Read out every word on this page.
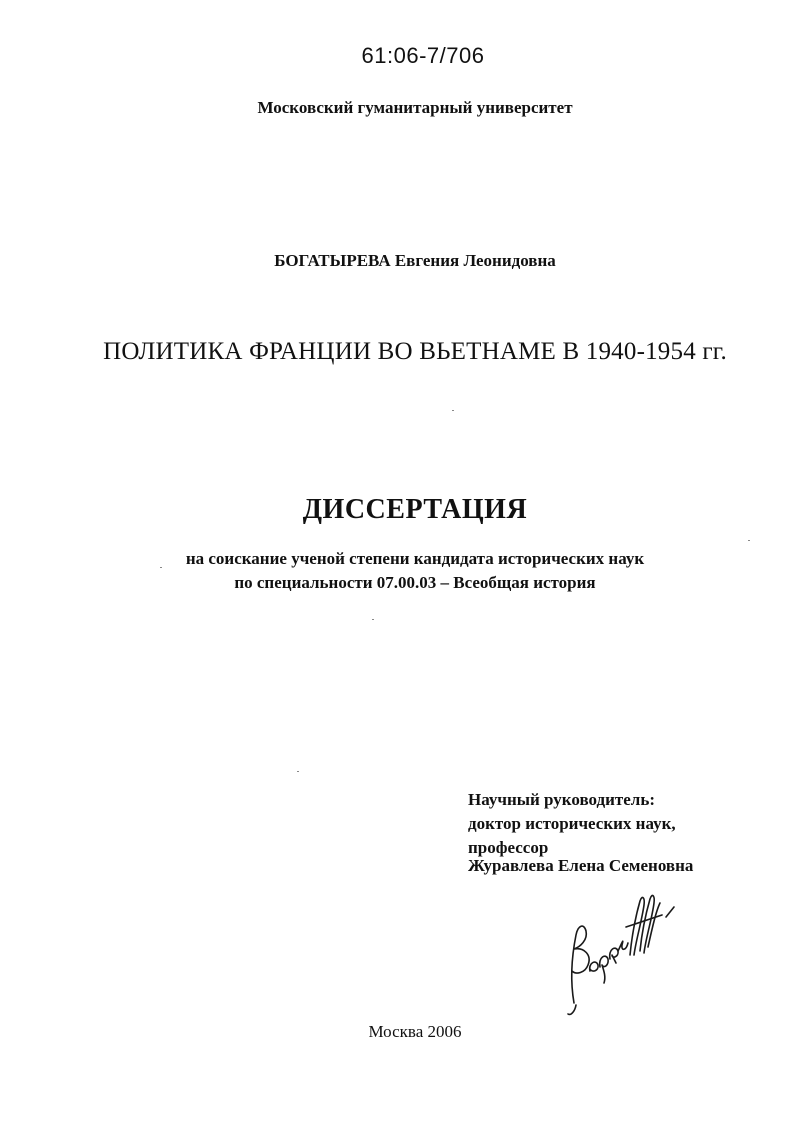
61:06-7/706
Московский гуманитарный университет
БОГАТЫРЕВА Евгения Леонидовна
ПОЛИТИКА ФРАНЦИИ ВО ВЬЕТНАМЕ В 1940-1954 гг.
ДИССЕРТАЦИЯ
на соискание ученой степени кандидата исторических наук
по специальности 07.00.03 – Всеобщая история
Научный руководитель:
доктор исторических наук,
профессор
Журавлева Елена Семеновна
Москва 2006
